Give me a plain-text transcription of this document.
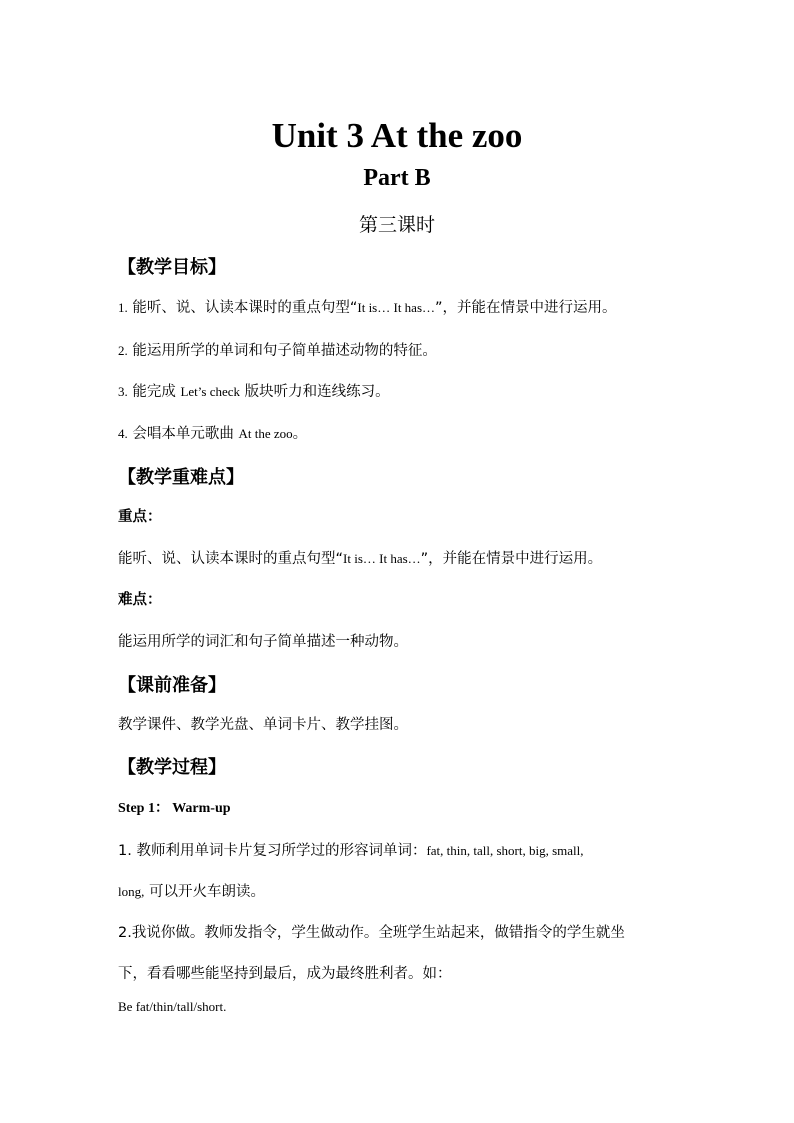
Unit 3 At the zoo
Part B
第三课时
【教学目标】
1. 能听、说、认读本课时的重点句型“It is… It has…”，并能在情景中进行运用。
2. 能运用所学的单词和句子简单描述动物的特征。
3. 能完成 Let’s check 版块听力和连线练习。
4. 会唱本单元歌曲 At the zoo。
【教学重难点】
重点：
能听、说、认读本课时的重点句型“It is… It has…”，并能在情景中进行运用。
难点：
能运用所学的词汇和句子简单描述一种动物。
【课前准备】
教学课件、教学光盘、单词卡片、教学挂图。
【教学过程】
Step 1： Warm-up
1. 教师利用单词卡片复习所学过的形容词单词：fat, thin, tall, short, big, small,
long, 可以开火车朗读。
2.我说你做。教师发指令，学生做动作。全班学生站起来，做错指令的学生就坐
下，看看哪些能坚持到最后，成为最终胜利者。如：
Be fat/thin/tall/short.
